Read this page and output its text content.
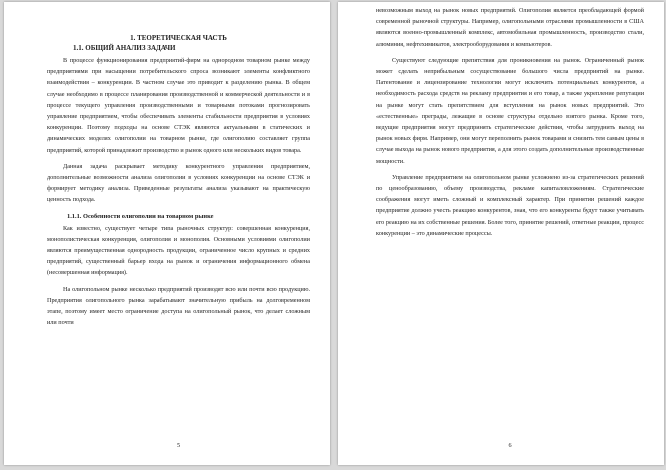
1. ТЕОРЕТИЧЕСКАЯ ЧАСТЬ
1.1. ОБЩИЙ АНАЛИЗ ЗАДАЧИ

В процессе функционирования предприятий-фирм на однородном товарном рынке между предприятиями при насыщении потребительского спроса возникают элементы конфликтного взаимодействия – конкуренции. В частном случае это приводит к разделению рынка. В общем случае необходимо в процессе планирования производственной и коммерческой деятельности и в процессе текущего управления производственными и товарными потоками прогнозировать управление предприятием, чтобы обеспечивать элементы стабильности предприятия в условиях конкуренции. Поэтому подходы на основе СТЭК являются актуальными в статических и динамических моделях олигополии на товарном рынке, где олигополию составляет группа предприятий, которой принадлежит производство и рынок одного или нескольких видов товара.

Данная задача раскрывает методику конкурентного управления предприятием, дополнительные возможности анализа олигополии в условиях конкуренции на основе СТЭК и формирует методику анализа. Приведенные результаты анализа указывают на практическую ценность подхода.

1.1.1. Особенности олигополии на товарном рынке

Как известно, существует четыре типа рыночных структур: совершенная конкуренция, монополистическая конкуренция, олигополия и монополия. Основными условиями олигополии являются преимущественная однородность продукции, ограниченное число крупных и средних предприятий, существенный барьер входа на рынок и ограничения информационного обмена (несовершенная информация).

На олигопольном рынке несколько предприятий производят всю или почти всю продукцию. Предприятия олигопольного рынка зарабатывают значительную прибыль на долговременном этапе, поэтому имеет место ограничение доступа на олигопольный рынок, что делает сложным или почти

5

невозможным выход на рынок новых предприятий. Олигополия является преобладающей формой современной рыночной структуры. Например, олигопольными отраслями промышленности в США являются военно-промышленный комплекс, автомобильная промышленность, производство стали, алюминия, нефтехимикатов, электрооборудования и компьютеров.

Существуют следующие препятствия для проникновения на рынок. Ограниченный рынок может сделать неприбыльным сосуществование большого числа предприятий на рынке. Патентование и лицензирование технологии могут исключить потенциальных конкурентов, а необходимость расхода средств на рекламу предприятия и его товар, а также укрепление репутации на рынке могут стать препятствием для вступления на рынок новых предприятий. Это «естественные» преграды, лежащие в основе структуры отдельно взятого рынка. Кроме того, ведущие предприятия могут предпринять стратегические действия, чтобы затруднить выход на рынок новых фирм. Например, они могут переполнить рынок товарами и снизить тем самым цены в случае выхода на рынок нового предприятия, а для этого создать дополнительные производственные мощности.

Управление предприятием на олигопольном рынке усложнено из-за стратегических решений по ценообразованию, объему производства, рекламе капиталовложениям. Стратегические соображения могут иметь сложный и комплексный характер. При принятии решений каждое предприятие должно учесть реакцию конкурентов, зная, что его конкуренты будут также учитывать его реакцию на их собственные решения. Более того, принятие решений, ответные реакции, процесс конкуренции – это динамические процессы.

6
